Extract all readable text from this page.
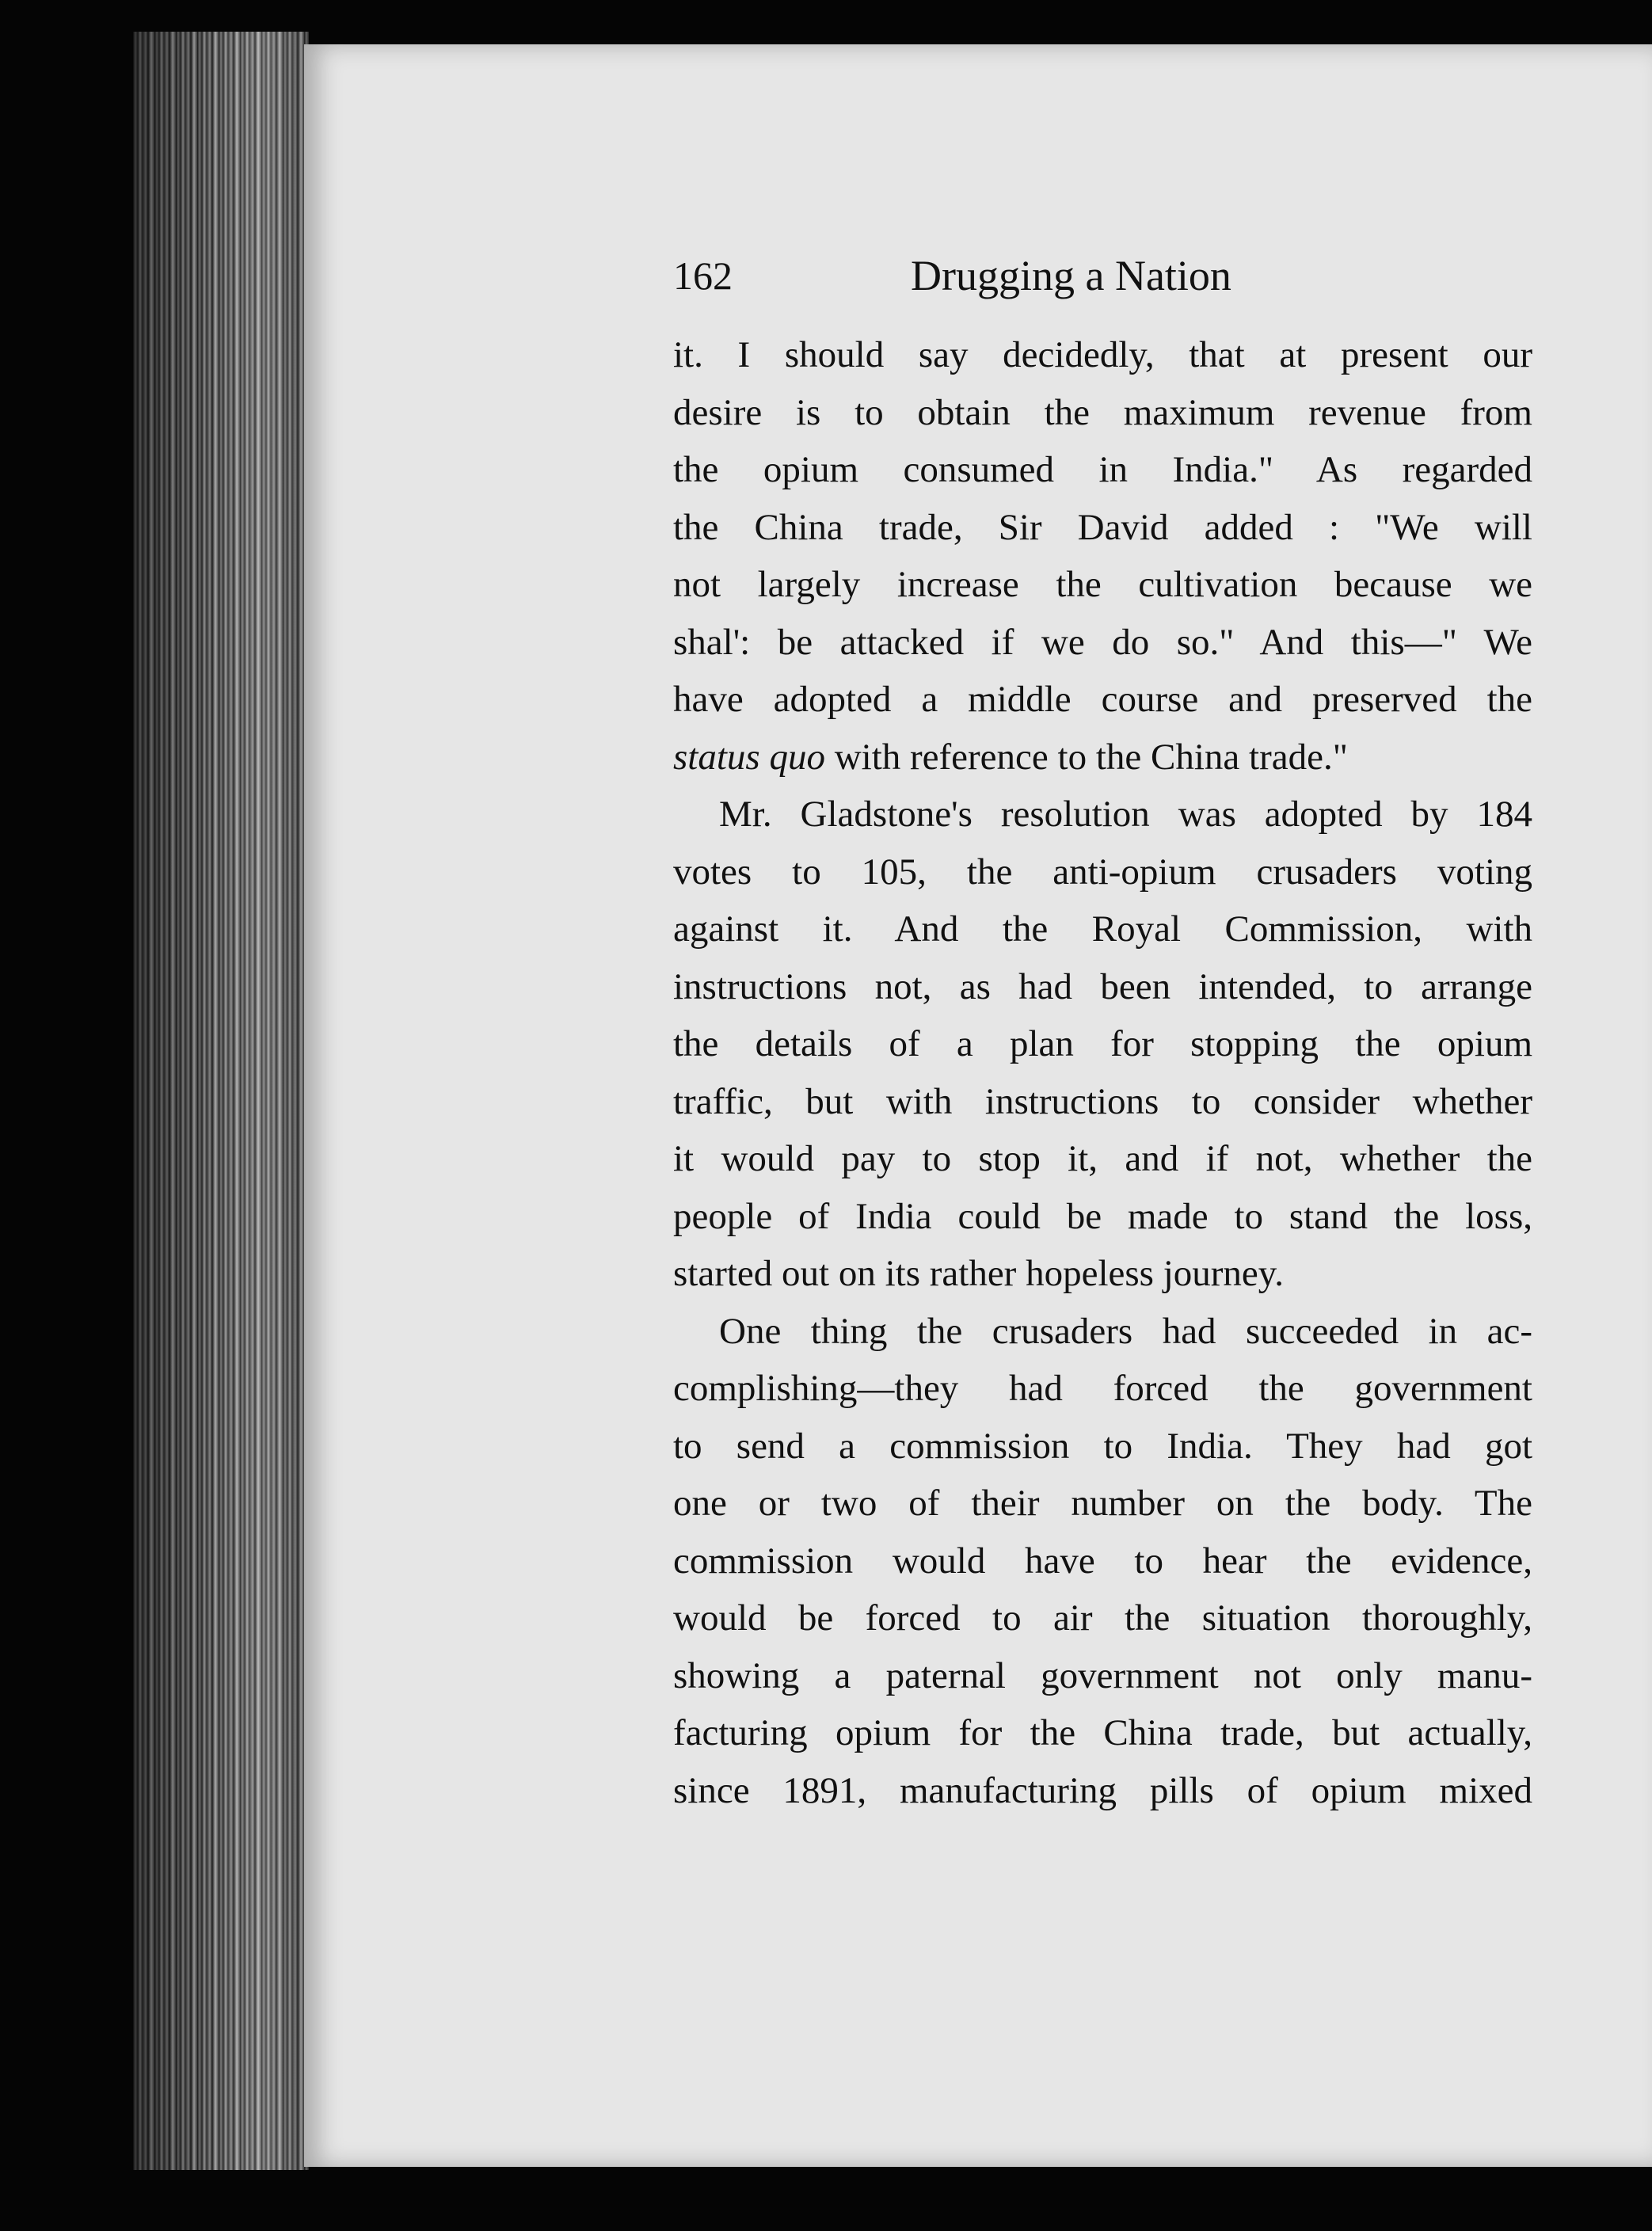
162	Drugging a Nation
it. I should say decidedly, that at present our
desire is to obtain the maximum revenue from
the opium consumed in India." As regarded
the China trade, Sir David added : "We will
not largely increase the cultivation because we
shal': be attacked if we do so." And this—" We
have adopted a middle course and preserved the
status quo with reference to the China trade."
Mr. Gladstone's resolution was adopted by 184
votes to 105, the anti-opium crusaders voting
against it. And the Royal Commission, with
instructions not, as had been intended, to arrange
the details of a plan for stopping the opium
traffic, but with instructions to consider whether
it would pay to stop it, and if not, whether the
people of India could be made to stand the loss,
started out on its rather hopeless journey.
One thing the crusaders had succeeded in ac-
complishing—they had forced the government
to send a commission to India. They had got
one or two of their number on the body. The
commission would have to hear the evidence,
would be forced to air the situation thoroughly,
showing a paternal government not only manu-
facturing opium for the China trade, but actually,
since 1891, manufacturing pills of opium mixed
